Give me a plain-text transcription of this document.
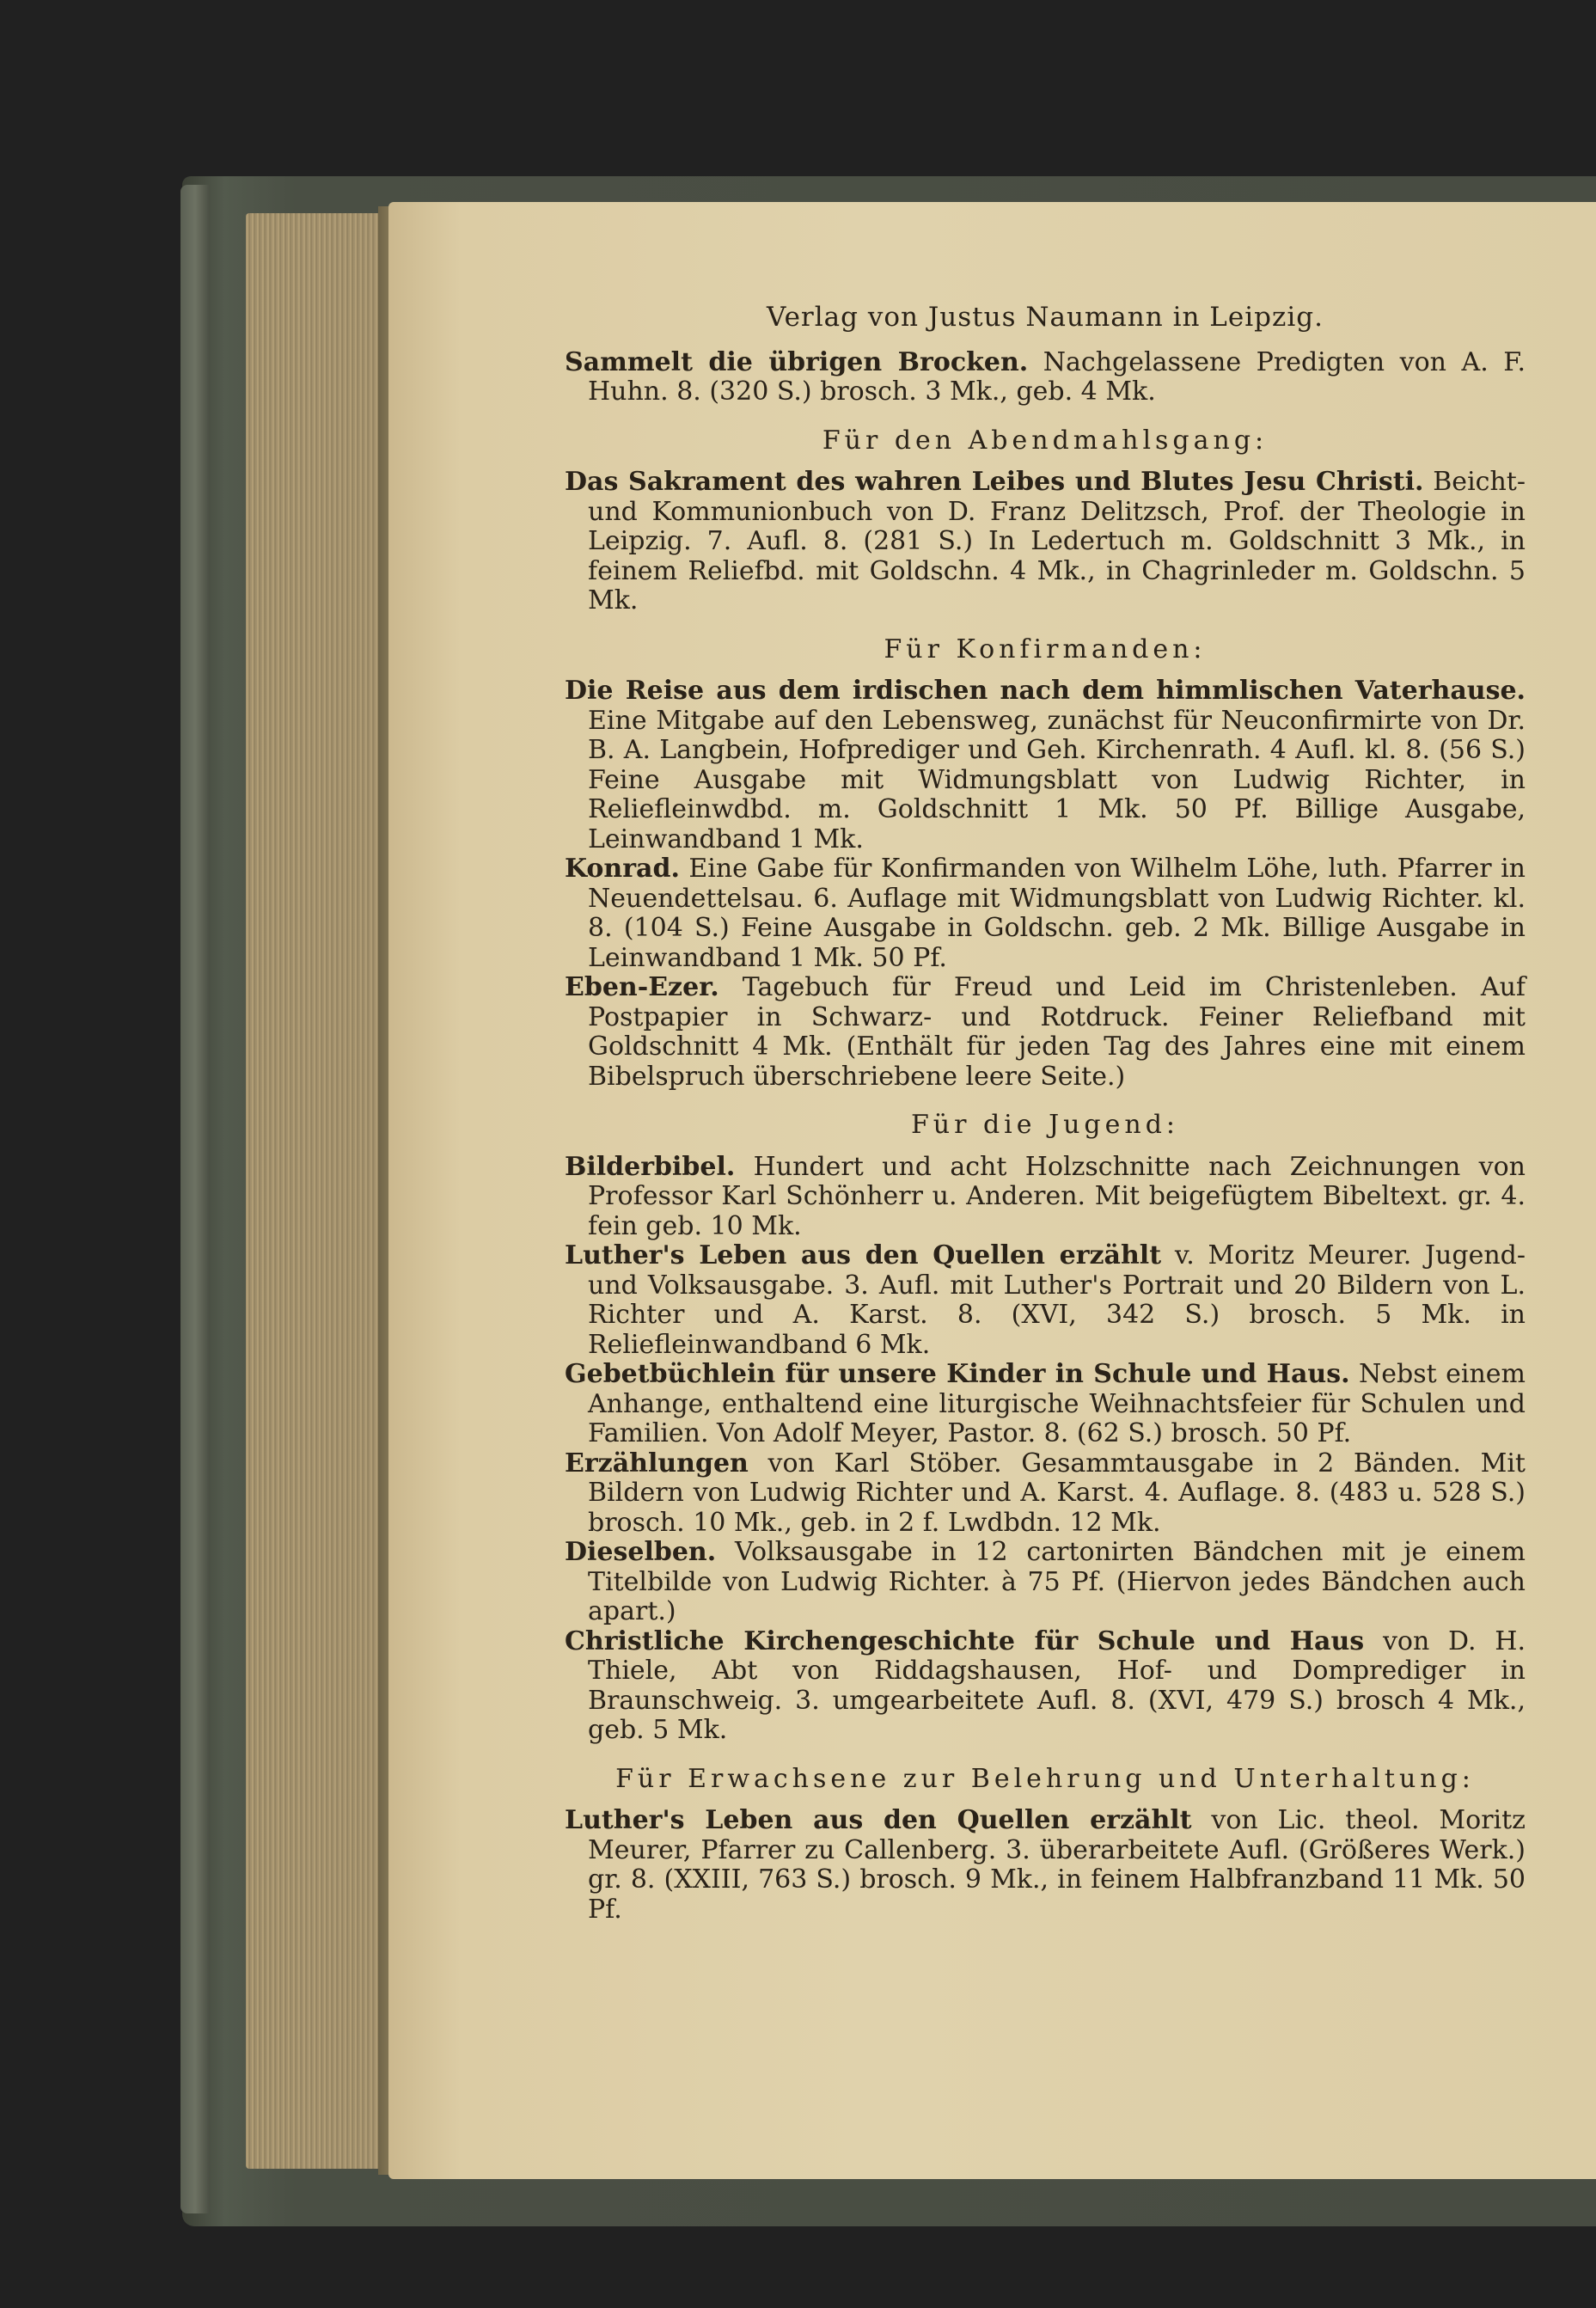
Verlag von Justus Naumann in Leipzig.

Sammelt die übrigen Brocken. Nachgelassene Predigten von A. F. Huhn. 8. (320 S.) brosch. 3 Mk., geb. 4 Mk.

Für den Abendmahlsgang:

Das Sakrament des wahren Leibes und Blutes Jesu Christi. Beicht- und Kommunionbuch von D. Franz Delitzsch, Prof. der Theologie in Leipzig. 7. Aufl. 8. (281 S.) In Ledertuch m. Goldschnitt 3 Mk., in feinem Reliefbd. mit Goldschn. 4 Mk., in Chagrinleder m. Goldschn. 5 Mk.

Für Konfirmanden:

Die Reise aus dem irdischen nach dem himmlischen Vaterhause. Eine Mitgabe auf den Lebensweg, zunächst für Neuconfirmirte von Dr. B. A. Langbein, Hofprediger und Geh. Kirchenrath. 4 Aufl. kl. 8. (56 S.) Feine Ausgabe mit Widmungsblatt von Ludwig Richter, in Reliefleinwdbd. m. Goldschnitt 1 Mk. 50 Pf. Billige Ausgabe, Leinwandband 1 Mk.

Konrad. Eine Gabe für Konfirmanden von Wilhelm Löhe, luth. Pfarrer in Neuendettelsau. 6. Auflage mit Widmungsblatt von Ludwig Richter. kl. 8. (104 S.) Feine Ausgabe in Goldschn. geb. 2 Mk. Billige Ausgabe in Leinwandband 1 Mk. 50 Pf.

Eben-Ezer. Tagebuch für Freud und Leid im Christenleben. Auf Postpapier in Schwarz- und Rotdruck. Feiner Reliefband mit Goldschnitt 4 Mk. (Enthält für jeden Tag des Jahres eine mit einem Bibelspruch überschriebene leere Seite.)

Für die Jugend:

Bilderbibel. Hundert und acht Holzschnitte nach Zeichnungen von Professor Karl Schönherr u. Anderen. Mit beigefügtem Bibeltext. gr. 4. fein geb. 10 Mk.

Luther's Leben aus den Quellen erzählt v. Moritz Meurer. Jugend- und Volksausgabe. 3. Aufl. mit Luther's Portrait und 20 Bildern von L. Richter und A. Karst. 8. (XVI, 342 S.) brosch. 5 Mk. in Reliefleinwandband 6 Mk.

Gebetbüchlein für unsere Kinder in Schule und Haus. Nebst einem Anhange, enthaltend eine liturgische Weihnachtsfeier für Schulen und Familien. Von Adolf Meyer, Pastor. 8. (62 S.) brosch. 50 Pf.

Erzählungen von Karl Stöber. Gesammtausgabe in 2 Bänden. Mit Bildern von Ludwig Richter und A. Karst. 4. Auflage. 8. (483 u. 528 S.) brosch. 10 Mk., geb. in 2 f. Lwdbdn. 12 Mk.

Dieselben. Volksausgabe in 12 cartonirten Bändchen mit je einem Titelbilde von Ludwig Richter. à 75 Pf. (Hiervon jedes Bändchen auch apart.)

Christliche Kirchengeschichte für Schule und Haus von D. H. Thiele, Abt von Riddagshausen, Hof- und Domprediger in Braunschweig. 3. umgearbeitete Aufl. 8. (XVI, 479 S.) brosch 4 Mk., geb. 5 Mk.

Für Erwachsene zur Belehrung und Unterhaltung:

Luther's Leben aus den Quellen erzählt von Lic. theol. Moritz Meurer, Pfarrer zu Callenberg. 3. überarbeitete Aufl. (Größeres Werk.) gr. 8. (XXIII, 763 S.) brosch. 9 Mk., in feinem Halbfranzband 11 Mk. 50 Pf.
